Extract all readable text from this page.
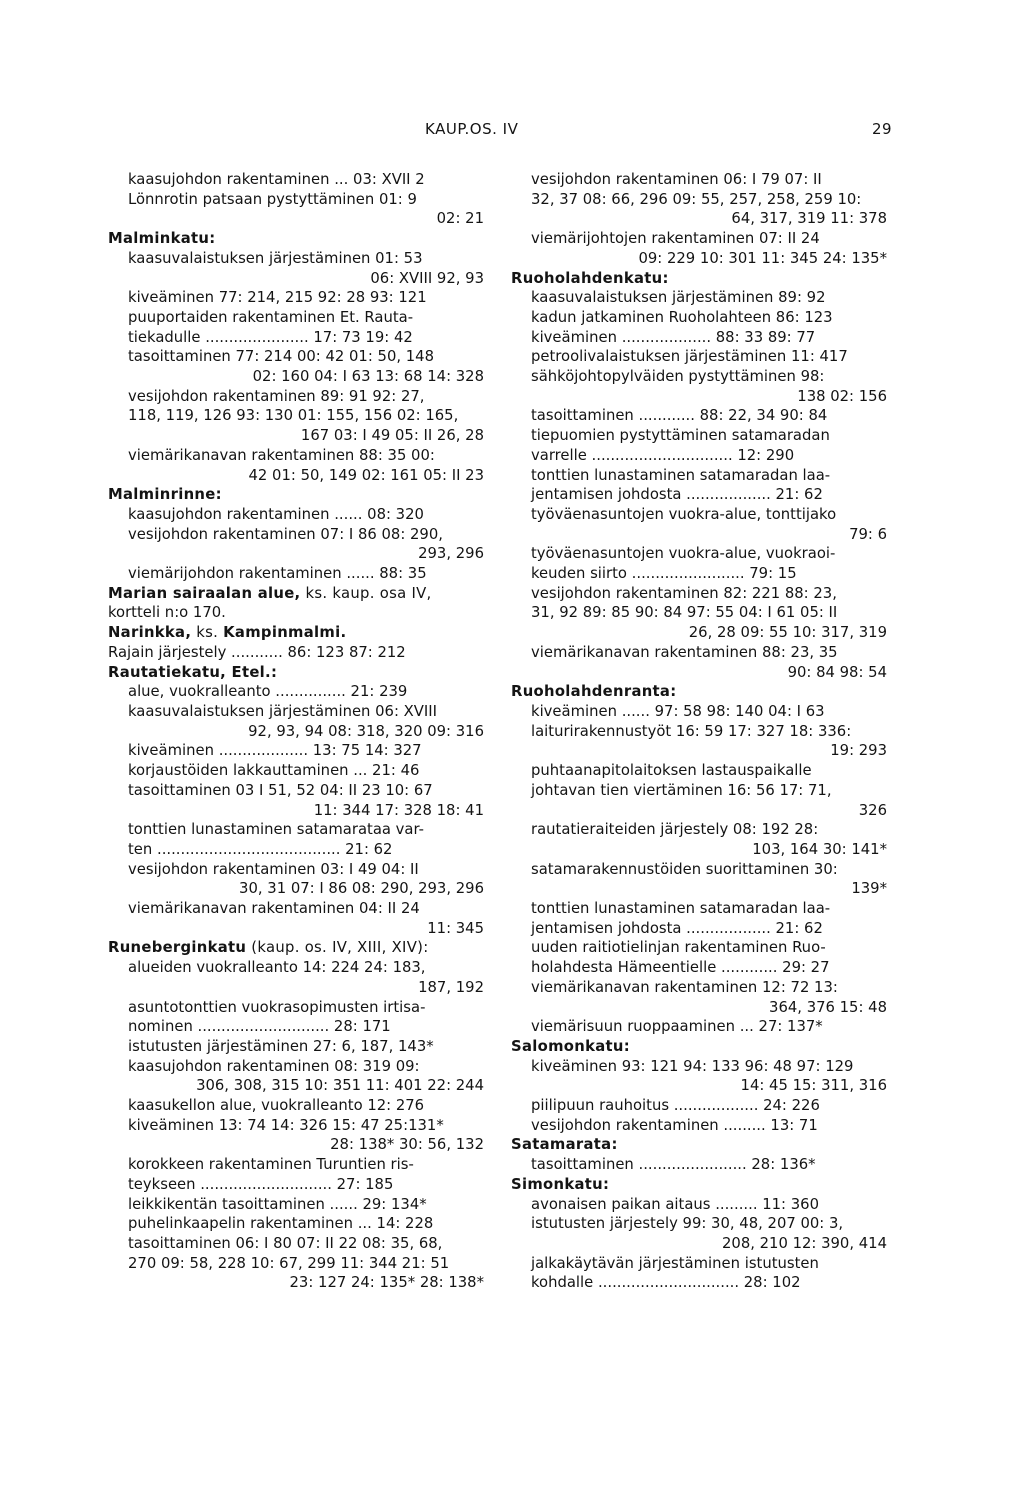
KAUP.OS. IV	29
kaasujohdon rakentaminen ... 03: XVII 2
Lönnrotin patsaan pystyttäminen 01: 9
02: 21
Malminkatu:
kaasuvalaistuksen järjestäminen 01: 53
06: XVIII 92, 93
kiveäminen 77: 214, 215 92: 28 93: 121
puuportaiden rakentaminen Et. Rauta-
tiekadulle ...................... 17: 73 19: 42
tasoittaminen 77: 214 00: 42 01: 50, 148
02: 160 04: I 63 13: 68 14: 328
vesijohdon rakentaminen 89: 91 92: 27,
118, 119, 126 93: 130 01: 155, 156 02: 165,
167 03: I 49 05: II 26, 28
viemärikanavan rakentaminen 88: 35 00:
42 01: 50, 149 02: 161 05: II 23
Malminrinne:
kaasujohdon rakentaminen ...... 08: 320
vesijohdon rakentaminen 07: I 86 08: 290,
293, 296
viemärijohdon rakentaminen ...... 88: 35
Marian sairaalan alue, ks. kaup. osa IV,
kortteli n:o 170.
Narinkka, ks. Kampinmalmi.
Rajain järjestely ........... 86: 123 87: 212
Rautatiekatu, Etel.:
alue, vuokralleanto ............... 21: 239
kaasuvalaistuksen järjestäminen 06: XVIII
92, 93, 94 08: 318, 320 09: 316
kiveäminen ................... 13: 75 14: 327
korjaustöiden lakkauttaminen ... 21: 46
tasoittaminen 03 I 51, 52 04: II 23 10: 67
11: 344 17: 328 18: 41
tonttien lunastaminen satamarataa var-
ten ....................................... 21: 62
vesijohdon rakentaminen 03: I 49 04: II
30, 31 07: I 86 08: 290, 293, 296
viemärikanavan rakentaminen 04: II 24
11: 345
Runeberginkatu (kaup. os. IV, XIII, XIV):
alueiden vuokralleanto 14: 224 24: 183,
187, 192
asuntotonttien vuokrasopimusten irtisa-
nominen ............................ 28: 171
istutusten järjestäminen 27: 6, 187, 143*
kaasujohdon rakentaminen 08: 319 09:
306, 308, 315 10: 351 11: 401 22: 244
kaasukellon alue, vuokralleanto 12: 276
kiveäminen 13: 74 14: 326 15: 47 25:131*
28: 138* 30: 56, 132
korokkeen rakentaminen Turuntien ris-
teykseen ............................ 27: 185
leikkikentän tasoittaminen ...... 29: 134*
puhelinkaapelin rakentaminen ... 14: 228
tasoittaminen 06: I 80 07: II 22 08: 35, 68,
270 09: 58, 228 10: 67, 299 11: 344 21: 51
23: 127 24: 135* 28: 138*
vesijohdon rakentaminen 06: I 79 07: II
32, 37 08: 66, 296 09: 55, 257, 258, 259 10:
64, 317, 319 11: 378
viemärijohtojen rakentaminen 07: II 24
09: 229 10: 301 11: 345 24: 135*
Ruoholahdenkatu:
kaasuvalaistuksen järjestäminen 89: 92
kadun jatkaminen Ruoholahteen 86: 123
kiveäminen ................... 88: 33 89: 77
petroolivalaistuksen järjestäminen 11: 417
sähköjohtopylväiden pystyttäminen 98:
138 02: 156
tasoittaminen ............ 88: 22, 34 90: 84
tiepuomien pystyttäminen satamaradan
varrelle .............................. 12: 290
tonttien lunastaminen satamaradan laa-
jentamisen johdosta .................. 21: 62
työväenasuntojen vuokra-alue, tonttijako
79: 6
työväenasuntojen vuokra-alue, vuokraoi-
keuden siirto ........................ 79: 15
vesijohdon rakentaminen 82: 221 88: 23,
31, 92 89: 85 90: 84 97: 55 04: I 61 05: II
26, 28 09: 55 10: 317, 319
viemärikanavan rakentaminen 88: 23, 35
90: 84 98: 54
Ruoholahdenranta:
kiveäminen ...... 97: 58 98: 140 04: I 63
laiturirakennustyöt 16: 59 17: 327 18: 336:
19: 293
puhtaanapitolaitoksen lastauspaikalle
johtavan tien viertäminen 16: 56 17: 71,
326
rautatieraiteiden järjestely 08: 192 28:
103, 164 30: 141*
satamarakennustöiden suorittaminen 30:
139*
tonttien lunastaminen satamaradan laa-
jentamisen johdosta .................. 21: 62
uuden raitiotielinjan rakentaminen Ruo-
holahdesta Hämeentielle ............ 29: 27
viemärikanavan rakentaminen 12: 72 13:
364, 376 15: 48
viemärisuun ruoppaaminen ... 27: 137*
Salomonkatu:
kiveäminen 93: 121 94: 133 96: 48 97: 129
14: 45 15: 311, 316
piilipuun rauhoitus .................. 24: 226
vesijohdon rakentaminen ......... 13: 71
Satamarata:
tasoittaminen ....................... 28: 136*
Simonkatu:
avonaisen paikan aitaus ......... 11: 360
istutusten järjestely 99: 30, 48, 207 00: 3,
208, 210 12: 390, 414
jalkakäytävän järjestäminen istutusten
kohdalle .............................. 28: 102
